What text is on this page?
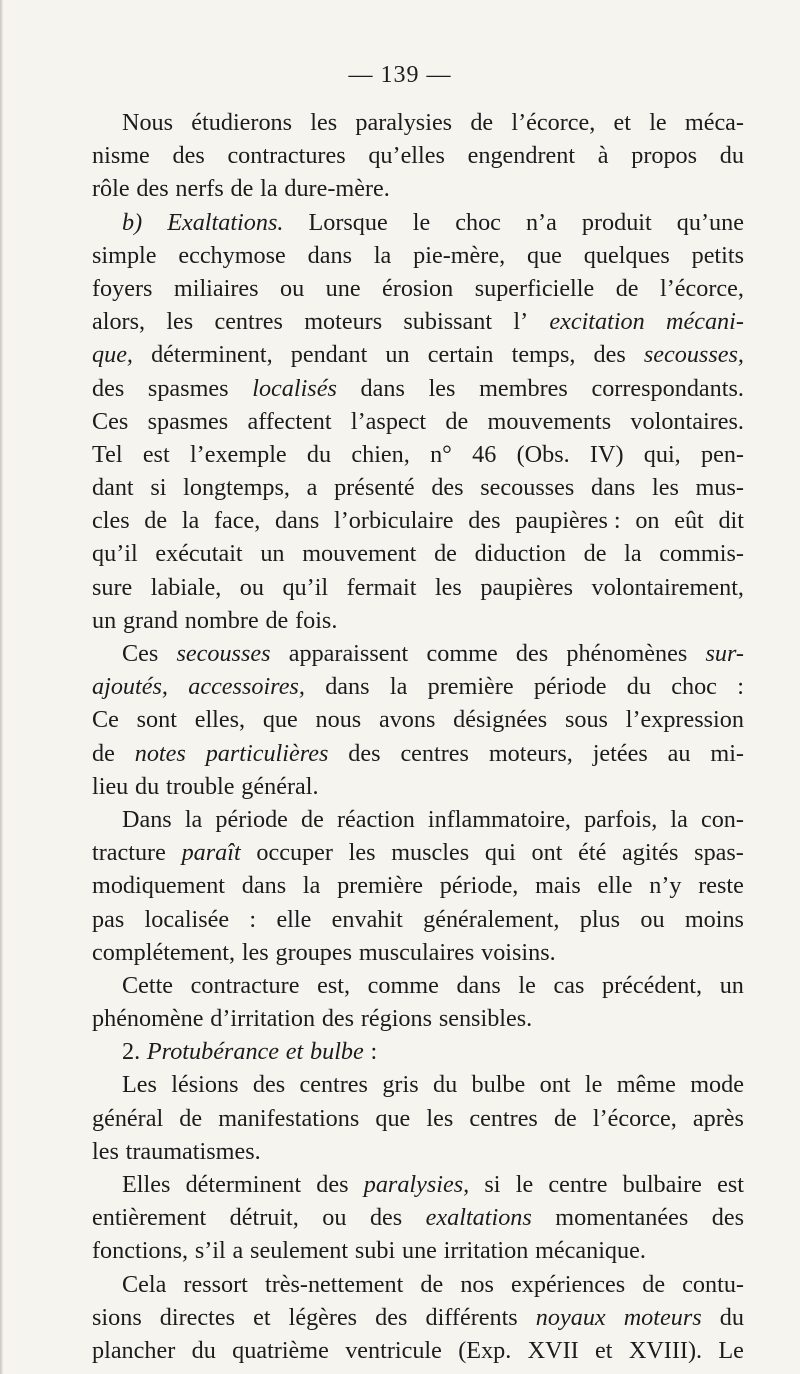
— 139 —
Nous étudierons les paralysies de l’écorce, et le méca-
nisme des contractures qu’elles engendrent à propos du
rôle des nerfs de la dure-mère.
b) Exaltations. Lorsque le choc n’a produit qu’une
simple ecchymose dans la pie-mère, que quelques petits
foyers miliaires ou une érosion superficielle de l’écorce,
alors, les centres moteurs subissant l’ excitation mécani-
que, déterminent, pendant un certain temps, des secousses,
des spasmes localisés dans les membres correspondants.
Ces spasmes affectent l’aspect de mouvements volontaires.
Tel est l’exemple du chien, n° 46 (Obs. IV) qui, pen-
dant si longtemps, a présenté des secousses dans les mus-
cles de la face, dans l’orbiculaire des paupières : on eût dit
qu’il exécutait un mouvement de diduction de la commis-
sure labiale, ou qu’il fermait les paupières volontairement,
un grand nombre de fois.
Ces secousses apparaissent comme des phénomènes sur-
ajoutés, accessoires, dans la première période du choc :
Ce sont elles, que nous avons désignées sous l’expression
de notes particulières des centres moteurs, jetées au mi-
lieu du trouble général.
Dans la période de réaction inflammatoire, parfois, la con-
tracture paraît occuper les muscles qui ont été agités spas-
modiquement dans la première période, mais elle n’y reste
pas localisée : elle envahit généralement, plus ou moins
complétement, les groupes musculaires voisins.
Cette contracture est, comme dans le cas précédent, un
phénomène d’irritation des régions sensibles.
2. Protubérance et bulbe :
Les lésions des centres gris du bulbe ont le même mode
général de manifestations que les centres de l’écorce, après
les traumatismes.
Elles déterminent des paralysies, si le centre bulbaire est
entièrement détruit, ou des exaltations momentanées des
fonctions, s’il a seulement subi une irritation mécanique.
Cela ressort très-nettement de nos expériences de contu-
sions directes et légères des différents noyaux moteurs du
plancher du quatrième ventricule (Exp. XVII et XVIII). Le
